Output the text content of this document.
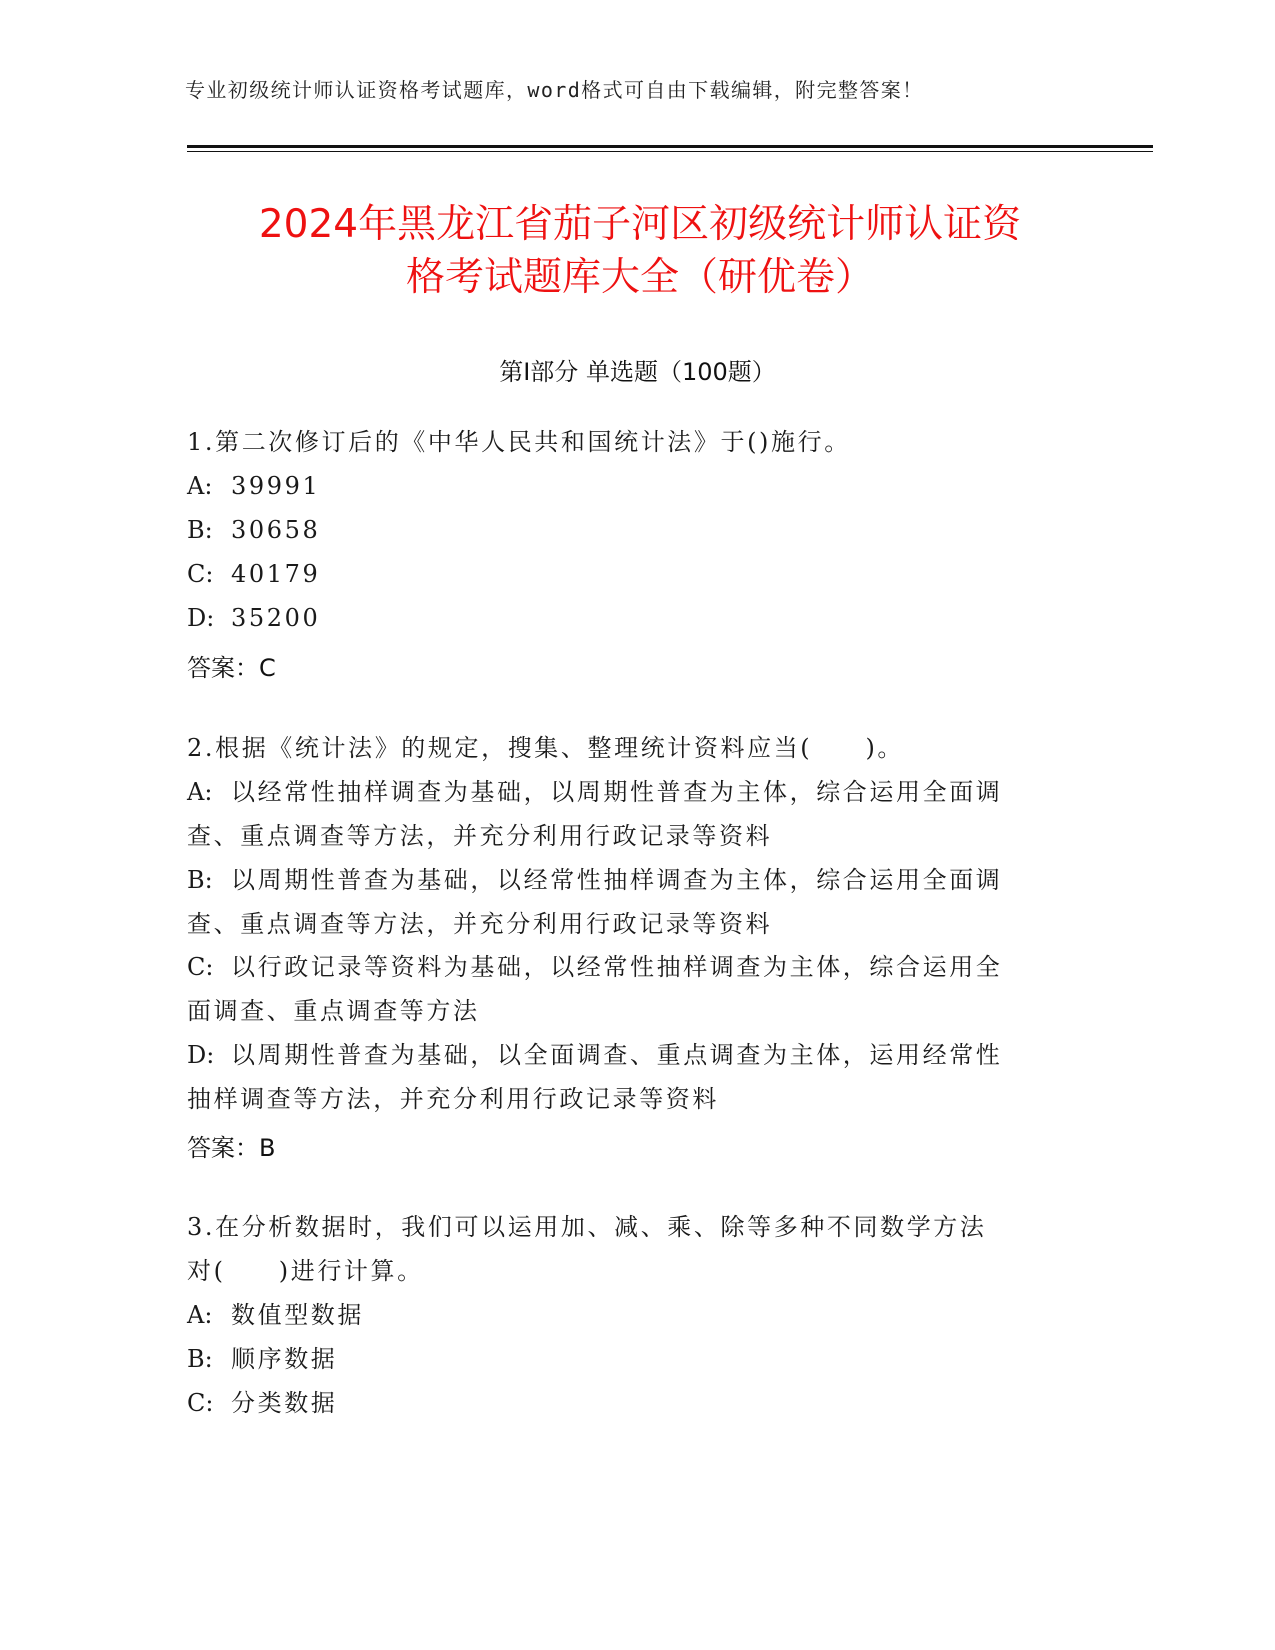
专业初级统计师认证资格考试题库，word格式可自由下载编辑，附完整答案！
2024年黑龙江省茄子河区初级统计师认证资
格考试题库大全（研优卷）
第Ⅰ部分 单选题（100题）
1.第二次修订后的《中华人民共和国统计法》于()施行。
A: 39991
B: 30658
C: 40179
D: 35200
答案：C
2.根据《统计法》的规定，搜集、整理统计资料应当(　　)。
A: 以经常性抽样调查为基础，以周期性普查为主体，综合运用全面调
查、重点调查等方法，并充分利用行政记录等资料
B: 以周期性普查为基础，以经常性抽样调查为主体，综合运用全面调
查、重点调查等方法，并充分利用行政记录等资料
C: 以行政记录等资料为基础，以经常性抽样调查为主体，综合运用全
面调查、重点调查等方法
D: 以周期性普查为基础，以全面调查、重点调查为主体，运用经常性
抽样调查等方法，并充分利用行政记录等资料
答案：B
3.在分析数据时，我们可以运用加、减、乘、除等多种不同数学方法
对(　　)进行计算。
A: 数值型数据
B: 顺序数据
C: 分类数据
